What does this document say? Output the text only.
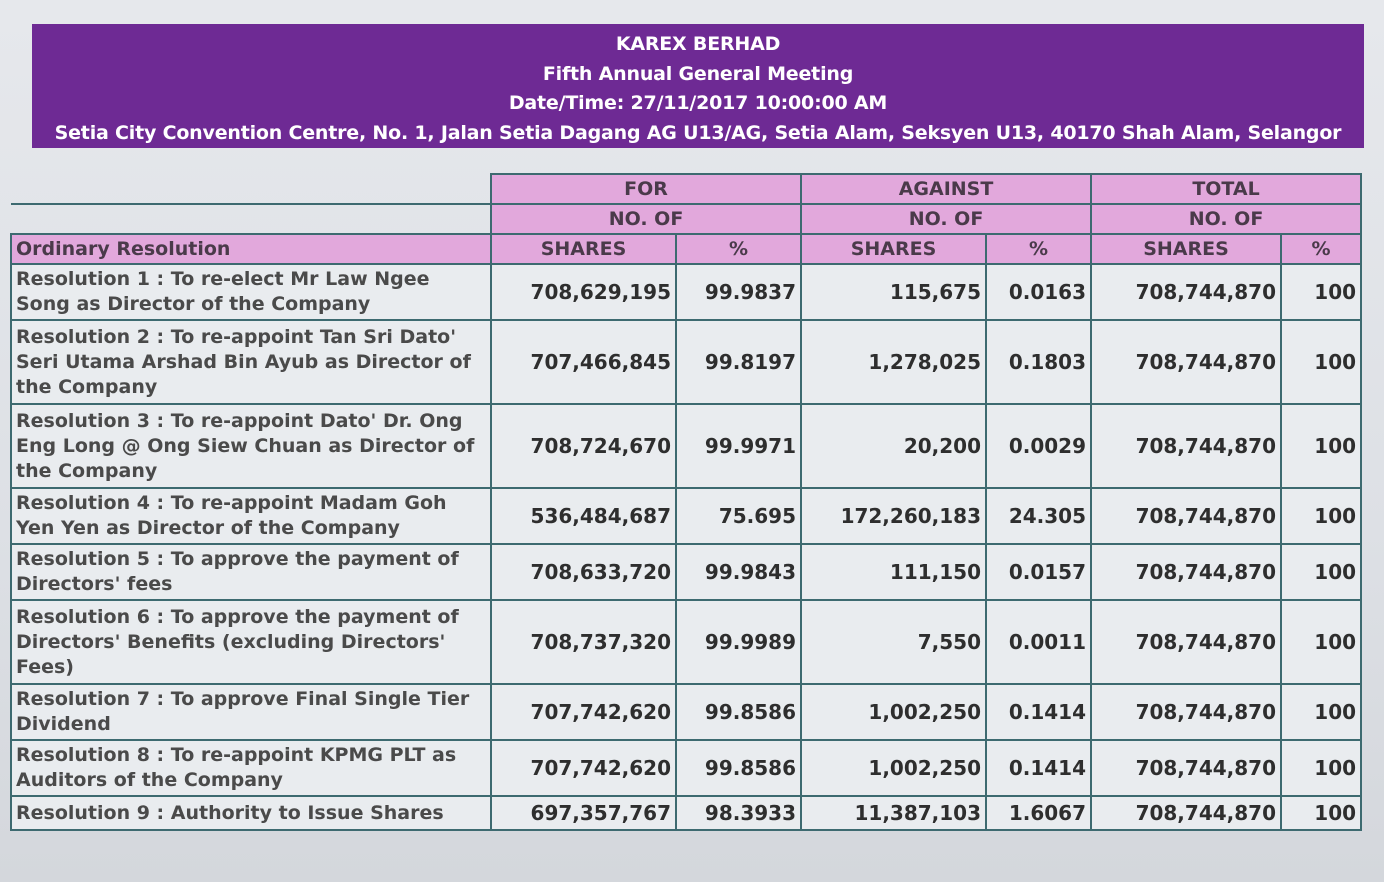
KAREX BERHAD
Fifth Annual General Meeting
Date/Time: 27/11/2017 10:00:00 AM
Setia City Convention Centre, No. 1, Jalan Setia Dagang AG U13/AG, Setia Alam, Seksyen U13, 40170 Shah Alam, Selangor
	FOR		AGAINST		TOTAL	
	NO. OF		NO. OF		NO. OF	
Ordinary Resolution	SHARES	%	SHARES	%	SHARES	%
Resolution 1 : To re-elect Mr Law Ngee Song as Director of the Company	708,629,195	99.9837	115,675	0.0163	708,744,870	100
Resolution 2 : To re-appoint Tan Sri Dato' Seri Utama Arshad Bin Ayub as Director of the Company	707,466,845	99.8197	1,278,025	0.1803	708,744,870	100
Resolution 3 : To re-appoint Dato' Dr. Ong Eng Long @ Ong Siew Chuan as Director of the Company	708,724,670	99.9971	20,200	0.0029	708,744,870	100
Resolution 4 : To re-appoint Madam Goh Yen Yen as Director of the Company	536,484,687	75.695	172,260,183	24.305	708,744,870	100
Resolution 5 : To approve the payment of Directors' fees	708,633,720	99.9843	111,150	0.0157	708,744,870	100
Resolution 6 : To approve the payment of Directors' Benefits (excluding Directors' Fees)	708,737,320	99.9989	7,550	0.0011	708,744,870	100
Resolution 7 : To approve Final Single Tier Dividend	707,742,620	99.8586	1,002,250	0.1414	708,744,870	100
Resolution 8 : To re-appoint KPMG PLT as Auditors of the Company	707,742,620	99.8586	1,002,250	0.1414	708,744,870	100
Resolution 9 : Authority to Issue Shares	697,357,767	98.3933	11,387,103	1.6067	708,744,870	100
